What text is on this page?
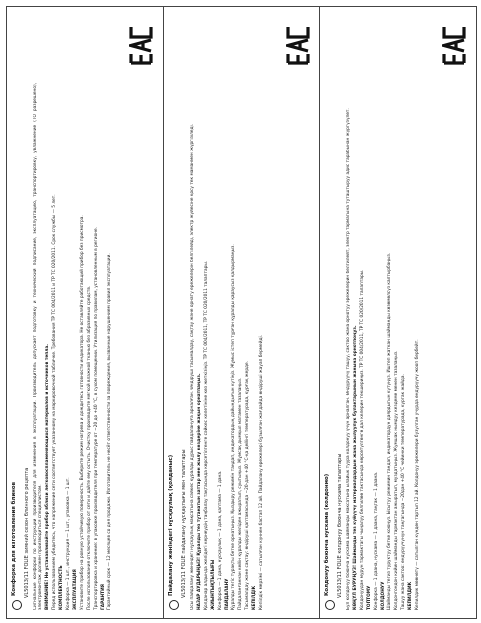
Конфорка для изготовления блинов VL5013/11 FOLIE зимний сезон блинного рецепта Сигнальные конфорки по инструкции производителя для изменения в эксплуатации. Производитель допускает подготовку и технический подписание, эксплуатацию, транспортировку, увлажнение (ТО разрешено), электромонтаж должен производиться специалистом. ВНИМАНИЕ! Не устанавливайте прибор вблизи легковоспламеняющихся материалов и источников тепла. Перед использованием убедитесь, что напряжение сети соответствует указанному на маркировочной табличке. Требования ТР ТС 004/2011 и ТР ТС 020/2011. Срок службы — 5 лет. КОМПЛЕКТНОСТЬ Конфорка — 1 шт., инструкция — 1 шт., упаковка — 1 шт. ЭКСПЛУАТАЦИЯ Установите прибор на ровную устойчивую поверхность. Выберите режим нагрева и дождитесь готовности индикатора. Не оставляйте работающий прибор без присмотра. После использования отключите прибор от сети и дайте ему остыть. Очистку производите мягкой влажной тканью без абразивных средств. Транспортировка и хранение: в упаковке производителя при температуре от −20 до +40 °С, в сухом помещении. Утилизация по правилам, установленным в регионе. ГАРАНТИЯ Гарантийный срок — 12 месяцев со дня продажи. Изготовитель не несёт ответственности за повреждения, вызванные нарушением правил эксплуатации.	Пайдалану жөніндегі нұсқаулық (қолданыс) VL5013/11 FOLIE пайдалану нұсқаулығы мен талаптары Осы пайдалану жөніндегі нұсқаулық мақсатына сәйкес құралды дұрыс пайдалануға арналған. Өндіруші тасымалдау, сақтау және орнату ережелерін белгілейді, электр жүйесіне қосу тек маманмен жүргізіледі. НАЗАР АУДАРЫҢЫЗ! Құралды тез тұтанатын заттар мен жылу көздеріне жақын орнатпаңыз. Қолданар алдында желідегі кернеудің таңбалау тақтасында көрсетілгенге сәйкес келетініне көз жеткізіңіз. ТР ТС 004/2011, ТР ТС 020/2011 талаптары. ЖИЫНТЫҚТЫЛЫҒЫ Конфорка — 1 дана, нұсқаулық — 1 дана, қаптама — 1 дана. ПАЙДАЛАНУ Құралды тегіс тұрақты бетке орнатыңыз. Қыздыру режимін таңдап, индикатордың дайындығын күтіңіз. Жұмыс істеп тұрған құралды қараусыз қалдырмаңыз. Пайдаланғаннан кейін құралды желіден ажыратып, суытыңыз. Жұмсақ дымқыл матамен тазалаңыз. Тасымалдау және сақтау: өндіруші қаптамасында −20-дан +40 °С-қа дейінгі температурада, құрғақ жерде. КЕПІЛДІК Кепілдік мерзімі — сатылған күннен бастап 12 ай. Пайдалану ережелері бұзылған жағдайда өндіруші жауап бермейді.	Колдонуу боюнча нускама (колдонмо) VL5013/11 FOLIE колдонуу боюнча нускама талаптары Бул колдонуу боюнча нускама шайманды максатына ылайык туура колдонуу үчүн арналган. Өндүрүүчү ташуу, сактоо жана орнотуу эрежелерин белгилейт, электр тармагына туташтыруу адис тарабынан жүргүзүлөт. КӨҢҮЛ БУРУҢУЗ! Шайманды тез күйүүчү материалдардын жана жылуулук булактарынын жанына орнотпоңуз. Колдонуудан мурун тармактагы чыңалуу белгилөө тактасында көрсөтүлгөнгө дал келерин текшериңиз. ТР ТС 004/2011, ТР ТС 020/2011 талаптары. ТОПТОМУ Конфорка — 1 даана, нускама — 1 даана, таңгак — 1 даана. КОЛДОНУУ Шайманды тегиз туруктуу бетке коюңуз. Ысытуу режимин тандап, индикатордун даярдыгын күтүңүз. Иштеп жаткан шайманды көзөмөлсүз калтырбаңыз. Колдонгондон кийин шайманды тармактан ажыратып, муздатыңыз. Жумшак нымдуу кездеме менен тазалаңыз. Ташуу жана сактоо: өндүрүүчүнүн таңгагында −20дан +40 °С чейинки температурада, кургак жайда. КЕПИЛДИК Кепилдик мөөнөтү — сатылган күндөн тартып 12 ай. Колдонуу эрежелери бузулган учурда өндүрүүчү жооп бербейт.
